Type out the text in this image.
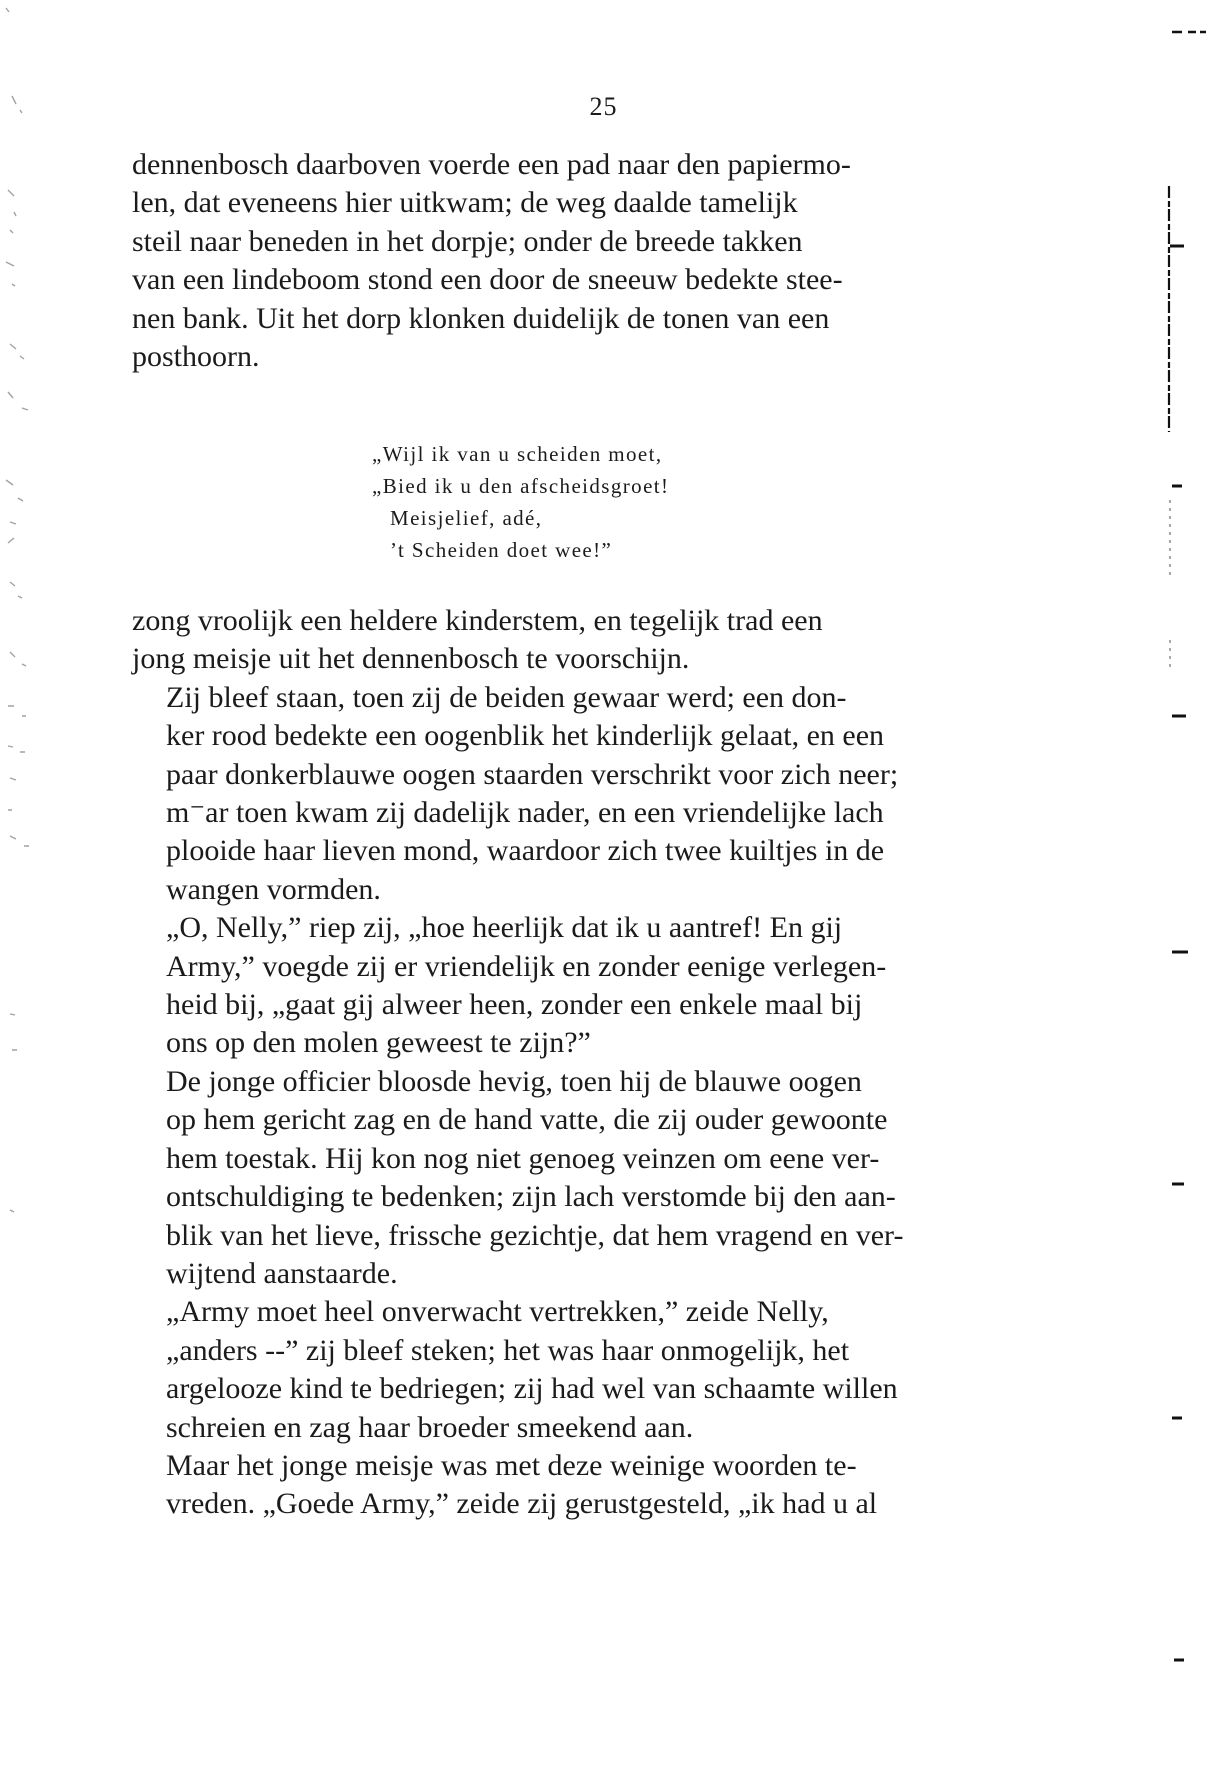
25

dennenbosch daarboven voerde een pad naar den papiermo-
len, dat eveneens hier uitkwam; de weg daalde tamelijk
steil naar beneden in het dorpje; onder de breede takken
van een lindeboom stond een door de sneeuw bedekte stee-
nen bank. Uit het dorp klonken duidelijk de tonen van een
posthoorn.

„Wijl ik van u scheiden moet,
„Bied ik u den afscheidsgroet!
Meisjelief, adé,
’t Scheiden doet wee!”

zong vroolijk een heldere kinderstem, en tegelijk trad een
jong meisje uit het dennenbosch te voorschijn.

Zij bleef staan, toen zij de beiden gewaar werd; een don-
ker rood bedekte een oogenblik het kinderlijk gelaat, en een
paar donkerblauwe oogen staarden verschrikt voor zich neer;
m⁻ar toen kwam zij dadelijk nader, en een vriendelijke lach
plooide haar lieven mond, waardoor zich twee kuiltjes in de
wangen vormden.

„O, Nelly,” riep zij, „hoe heerlijk dat ik u aantref! En gij
Army,” voegde zij er vriendelijk en zonder eenige verlegen-
heid bij, „gaat gij alweer heen, zonder een enkele maal bij
ons op den molen geweest te zijn?”

De jonge officier bloosde hevig, toen hij de blauwe oogen
op hem gericht zag en de hand vatte, die zij ouder gewoonte
hem toestak. Hij kon nog niet genoeg veinzen om eene ver-
ontschuldiging te bedenken; zijn lach verstomde bij den aan-
blik van het lieve, frissche gezichtje, dat hem vragend en ver-
wijtend aanstaarde.

„Army moet heel onverwacht vertrekken,” zeide Nelly,
„anders --” zij bleef steken; het was haar onmogelijk, het
argelooze kind te bedriegen; zij had wel van schaamte willen
schreien en zag haar broeder smeekend aan.

Maar het jonge meisje was met deze weinige woorden te-
vreden. „Goede Army,” zeide zij gerustgesteld, „ik had u al
